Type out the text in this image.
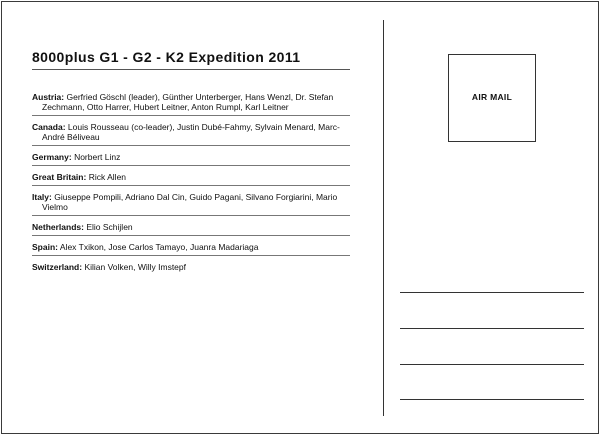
8000plus G1 - G2 - K2 Expedition 2011
Austria: Gerfried Göschl (leader), Günther Unterberger, Hans Wenzl, Dr. Stefan Zechmann, Otto Harrer, Hubert Leitner, Anton Rumpl, Karl Leitner
Canada: Louis Rousseau (co-leader), Justin Dubé-Fahmy, Sylvain Menard, Marc-André Béliveau
Germany: Norbert Linz
Great Britain: Rick Allen
Italy: Giuseppe Pompili, Adriano Dal Cin, Guido Pagani, Silvano Forgiarini, Mario Vielmo
Netherlands: Elio Schijlen
Spain: Alex Txikon, Jose Carlos Tamayo, Juanra Madariaga
Switzerland: Kilian Volken, Willy Imstepf
AIR MAIL
